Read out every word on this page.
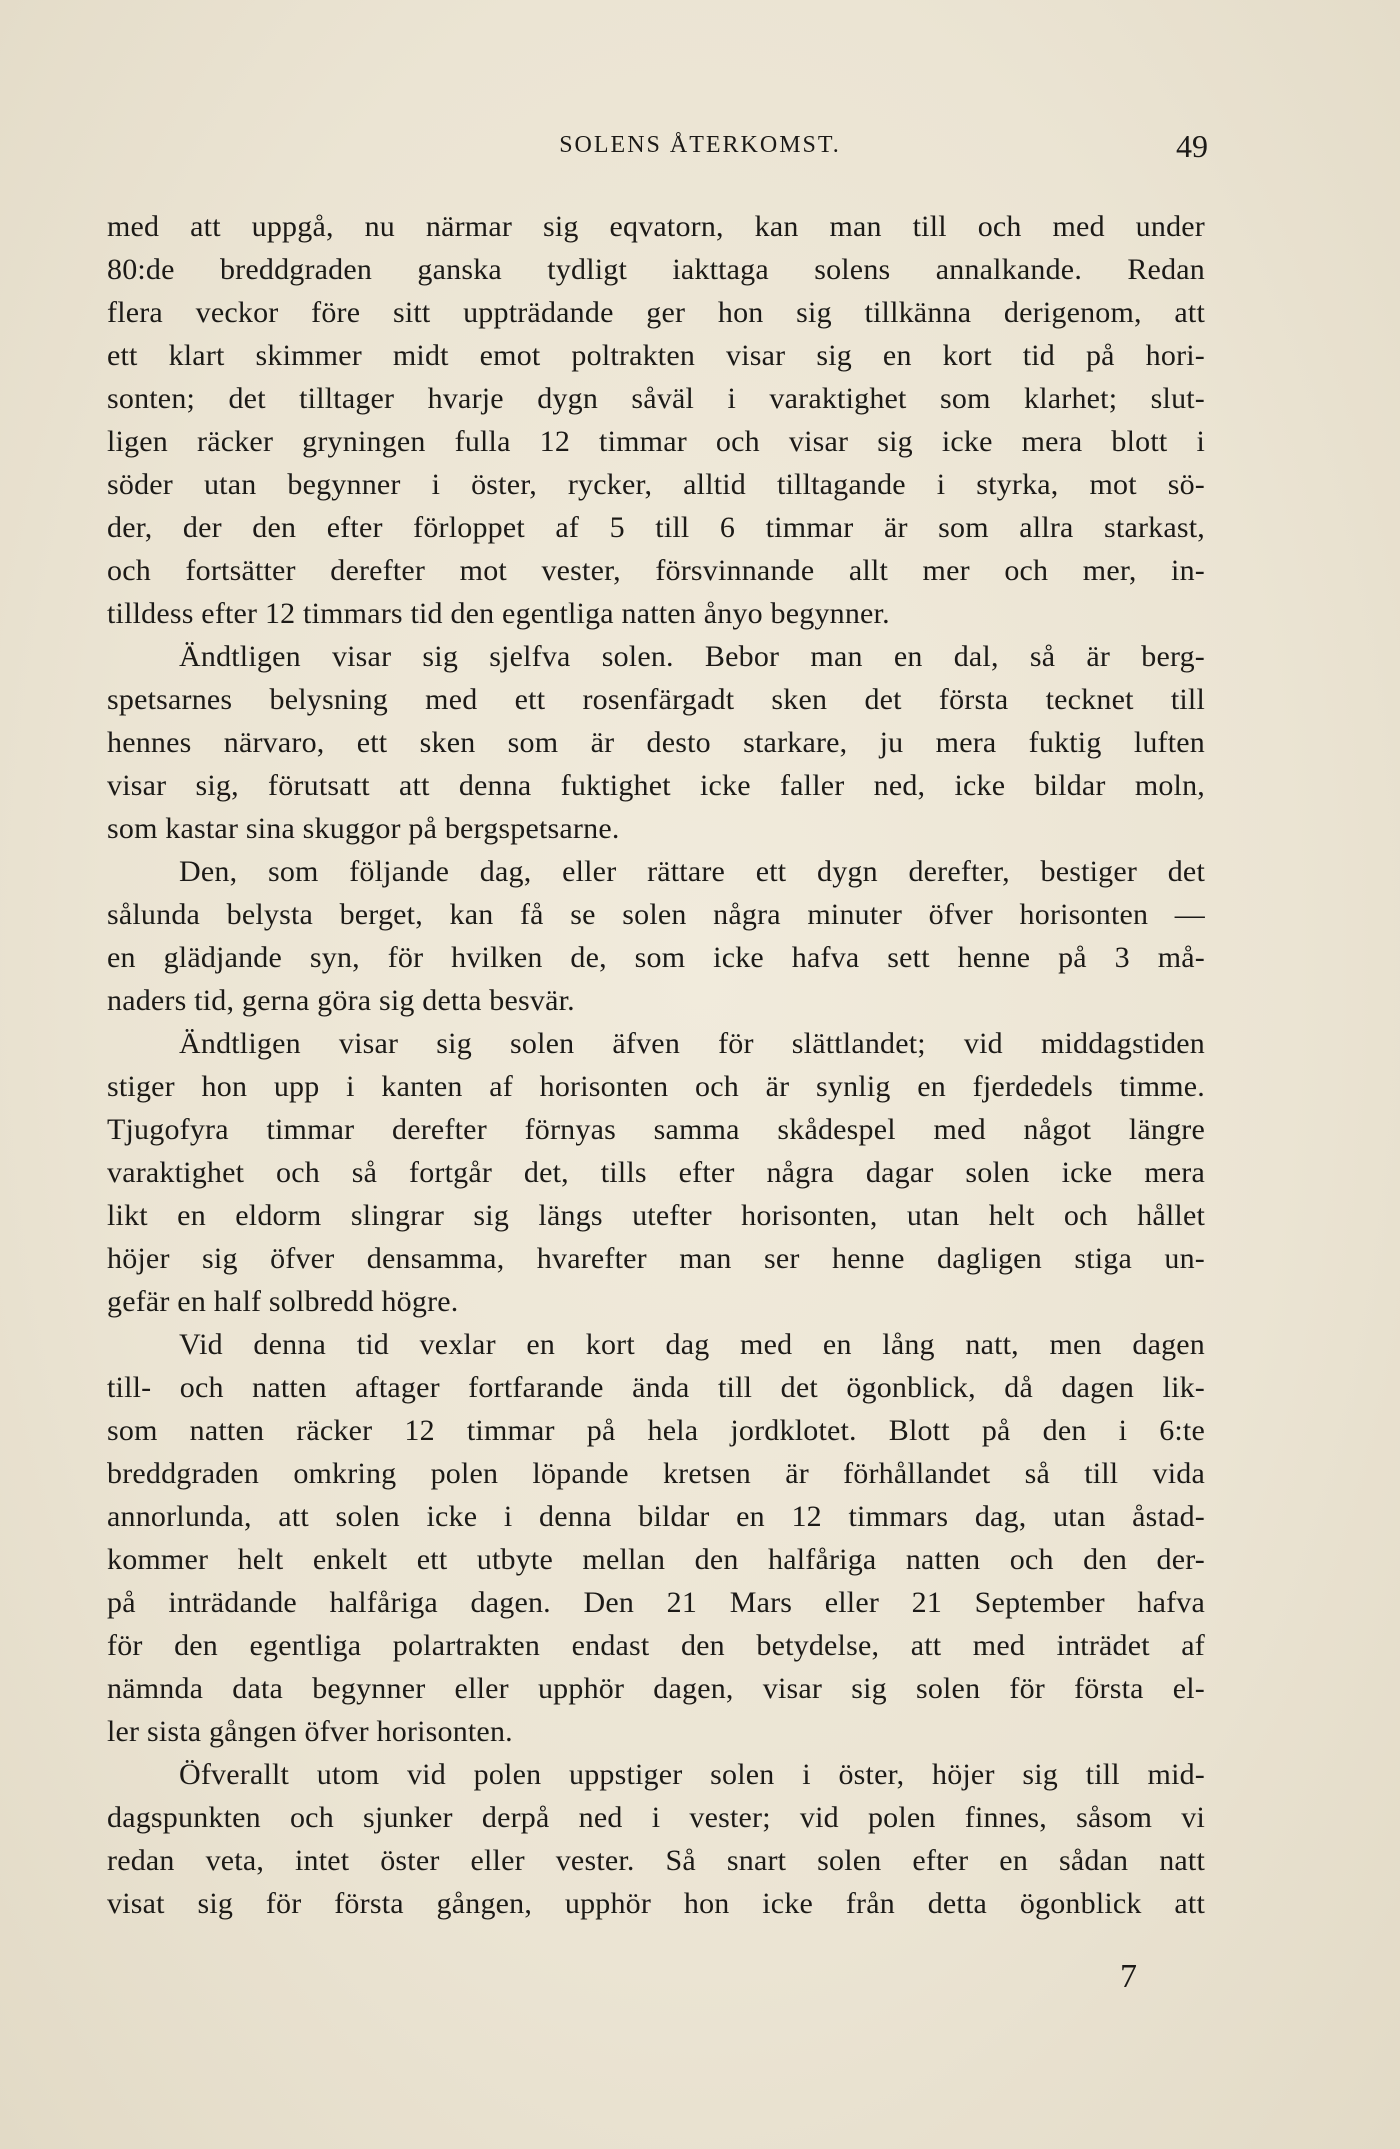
SOLENS ÅTERKOMST.	49
med att uppgå, nu närmar sig eqvatorn, kan man till och med under
80:de breddgraden ganska tydligt iakttaga solens annalkande. Redan
flera veckor före sitt uppträdande ger hon sig tillkänna derigenom, att
ett klart skimmer midt emot poltrakten visar sig en kort tid på hori-
sonten; det tilltager hvarje dygn såväl i varaktighet som klarhet; slut-
ligen räcker gryningen fulla 12 timmar och visar sig icke mera blott i
söder utan begynner i öster, rycker, alltid tilltagande i styrka, mot sö-
der, der den efter förloppet af 5 till 6 timmar är som allra starkast,
och fortsätter derefter mot vester, försvinnande allt mer och mer, in-
tilldess efter 12 timmars tid den egentliga natten ånyo begynner.
Ändtligen visar sig sjelfva solen. Bebor man en dal, så är berg-
spetsarnes belysning med ett rosenfärgadt sken det första tecknet till
hennes närvaro, ett sken som är desto starkare, ju mera fuktig luften
visar sig, förutsatt att denna fuktighet icke faller ned, icke bildar moln,
som kastar sina skuggor på bergspetsarne.
Den, som följande dag, eller rättare ett dygn derefter, bestiger det
sålunda belysta berget, kan få se solen några minuter öfver horisonten —
en glädjande syn, för hvilken de, som icke hafva sett henne på 3 må-
naders tid, gerna göra sig detta besvär.
Ändtligen visar sig solen äfven för slättlandet; vid middagstiden
stiger hon upp i kanten af horisonten och är synlig en fjerdedels timme.
Tjugofyra timmar derefter förnyas samma skådespel med något längre
varaktighet och så fortgår det, tills efter några dagar solen icke mera
likt en eldorm slingrar sig längs utefter horisonten, utan helt och hållet
höjer sig öfver densamma, hvarefter man ser henne dagligen stiga un-
gefär en half solbredd högre.
Vid denna tid vexlar en kort dag med en lång natt, men dagen
till- och natten aftager fortfarande ända till det ögonblick, då dagen lik-
som natten räcker 12 timmar på hela jordklotet. Blott på den i 6:te
breddgraden omkring polen löpande kretsen är förhållandet så till vida
annorlunda, att solen icke i denna bildar en 12 timmars dag, utan åstad-
kommer helt enkelt ett utbyte mellan den halfåriga natten och den der-
på inträdande halfåriga dagen. Den 21 Mars eller 21 September hafva
för den egentliga polartrakten endast den betydelse, att med inträdet af
nämnda data begynner eller upphör dagen, visar sig solen för första el-
ler sista gången öfver horisonten.
Öfverallt utom vid polen uppstiger solen i öster, höjer sig till mid-
dagspunkten och sjunker derpå ned i vester; vid polen finnes, såsom vi
redan veta, intet öster eller vester. Så snart solen efter en sådan natt
visat sig för första gången, upphör hon icke från detta ögonblick att
7
